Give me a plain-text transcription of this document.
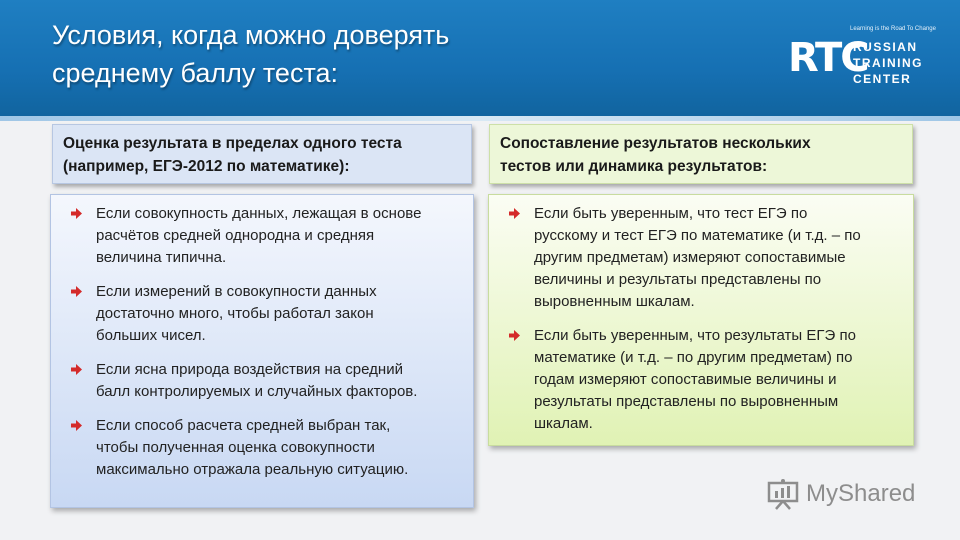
Условия, когда можно доверять
среднему баллу теста:
Learning is the Road To Change
RTC
RUSSIAN
TRAINING
CENTER
Оценка результата в пределах одного теста
(например, ЕГЭ-2012 по математике):
Сопоставление результатов нескольких
тестов или динамика результатов:
Если совокупность данных, лежащая в основе
расчётов средней однородна и средняя
величина типична.
Если измерений в совокупности данных
достаточно много, чтобы работал закон
больших чисел.
Если ясна природа воздействия на средний
балл контролируемых и случайных факторов.
Если способ расчета средней выбран так,
чтобы полученная оценка совокупности
максимально отражала реальную ситуацию.
Если быть уверенным, что тест ЕГЭ по
русскому и тест ЕГЭ по математике (и т.д. – по
другим предметам) измеряют сопоставимые
величины и результаты представлены по
выровненным шкалам.
Если быть уверенным, что результаты ЕГЭ по
математике (и т.д. – по другим предметам) по
годам измеряют сопоставимые величины и
результаты представлены по выровненным
шкалам.
MyShared
